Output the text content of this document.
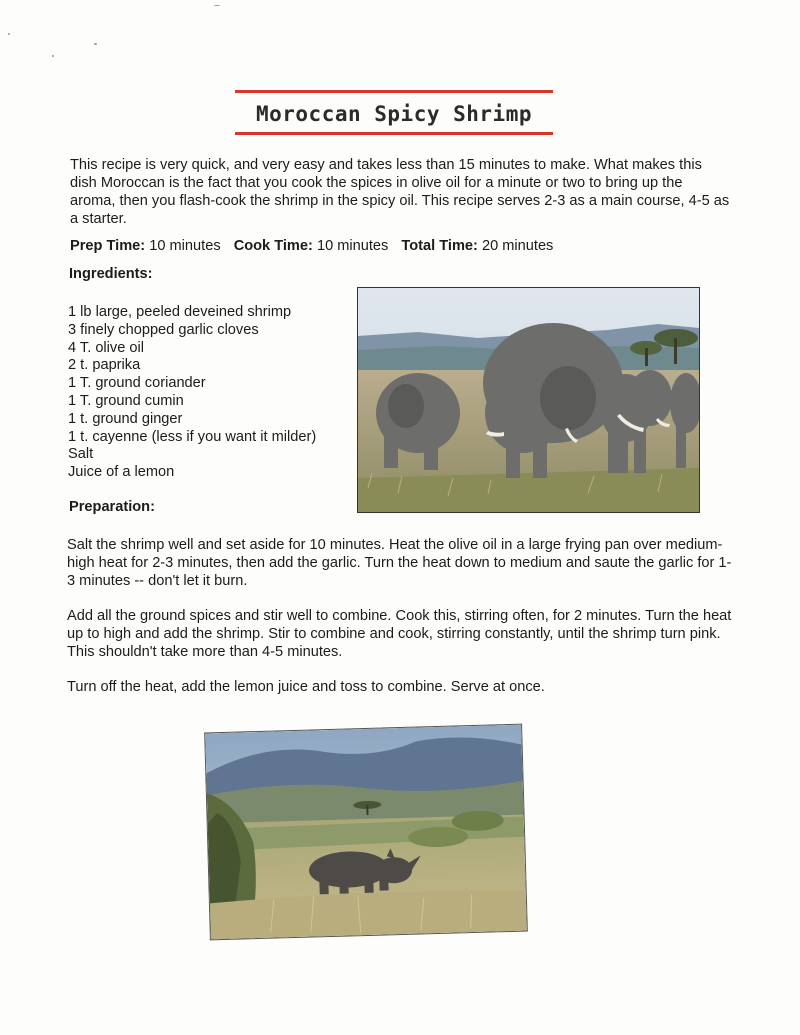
Moroccan Spicy Shrimp

This recipe is very quick, and very easy and takes less than 15 minutes to make. What makes this dish Moroccan is the fact that you cook the spices in olive oil for a minute or two to bring up the aroma, then you flash-cook the shrimp in the spicy oil. This recipe serves 2-3 as a main course, 4-5 as a starter.

Prep Time: 10 minutes Cook Time: 10 minutes Total Time: 20 minutes
Ingredients:
1 lb large, peeled deveined shrimp
3 finely chopped garlic cloves
4 T. olive oil
2 t. paprika
1 T. ground coriander
1 T. ground cumin
1 t. ground ginger
1 t. cayenne (less if you want it milder)
Salt
Juice of a lemon
Preparation:

Salt the shrimp well and set aside for 10 minutes. Heat the olive oil in a large frying pan over medium-high heat for 2-3 minutes, then add the garlic. Turn the heat down to medium and saute the garlic for 1-3 minutes -- don't let it burn.

Add all the ground spices and stir well to combine. Cook this, stirring often, for 2 minutes. Turn the heat up to high and add the shrimp. Stir to combine and cook, stirring constantly, until the shrimp turn pink. This shouldn't take more than 4-5 minutes.

Turn off the heat, add the lemon juice and toss to combine. Serve at once.
